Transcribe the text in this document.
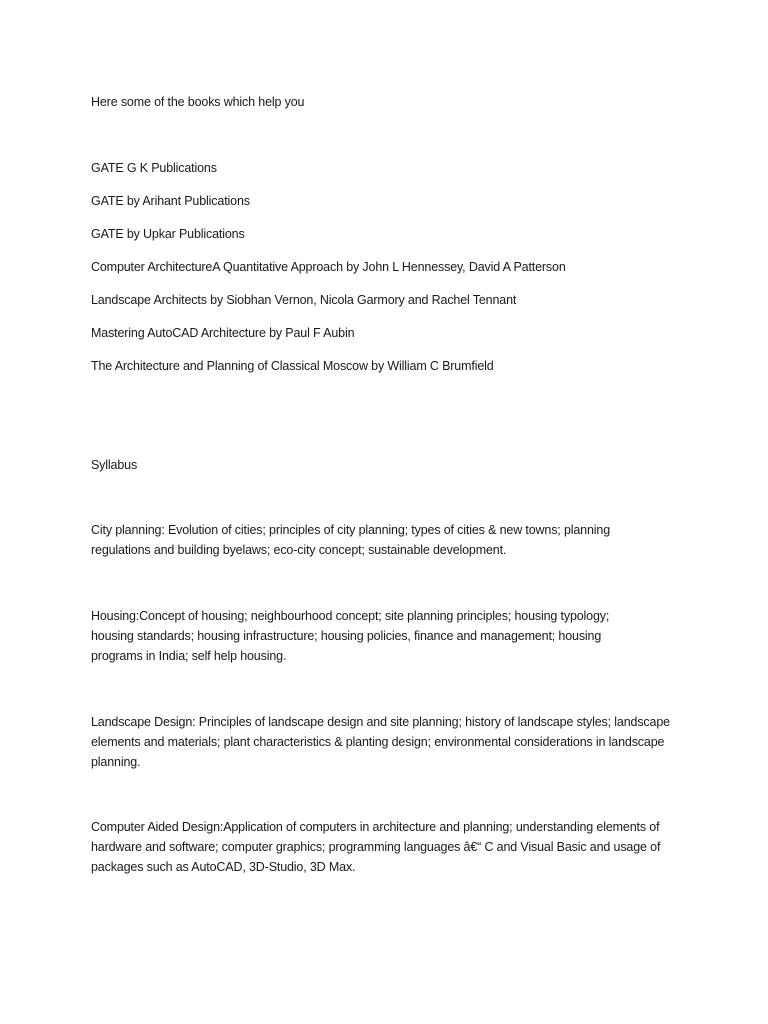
Here some of the books which help you

GATE G K Publications

GATE by Arihant Publications

GATE by Upkar Publications

Computer ArchitectureA Quantitative Approach by John L Hennessey, David A Patterson

Landscape Architects by Siobhan Vernon, Nicola Garmory and Rachel Tennant

Mastering AutoCAD Architecture by Paul F Aubin

The Architecture and Planning of Classical Moscow by William C Brumfield

Syllabus

City planning: Evolution of cities; principles of city planning; types of cities & new towns; planning regulations and building byelaws; eco-city concept; sustainable development.

Housing:Concept of housing; neighbourhood concept; site planning principles; housing typology; housing standards; housing infrastructure; housing policies, finance and management; housing programs in India; self help housing.

Landscape Design: Principles of landscape design and site planning; history of landscape styles; landscape elements and materials; plant characteristics & planting design; environmental considerations in landscape planning.

Computer Aided Design:Application of computers in architecture and planning; understanding elements of hardware and software; computer graphics; programming languages â€“ C and Visual Basic and usage of packages such as AutoCAD, 3D-Studio, 3D Max.
